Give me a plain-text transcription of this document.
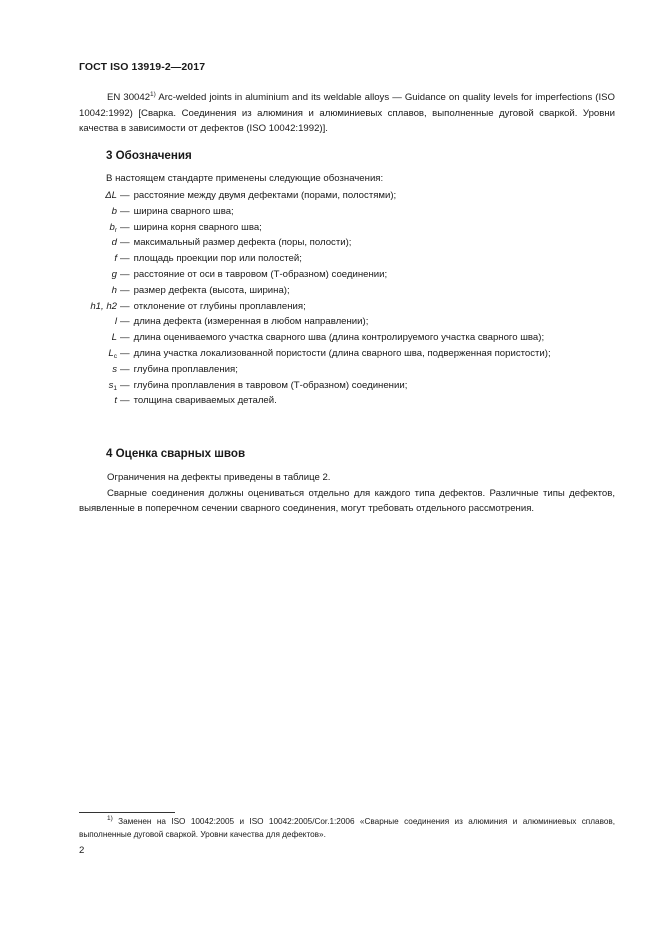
ГОСТ ISO 13919-2—2017
EN 30042$^{1)}$ Arc-welded joints in aluminium and its weldable alloys — Guidance on quality levels for imperfections (ISO 10042:1992) [Сварка. Соединения из алюминия и алюминиевых сплавов, выполненные дуговой сваркой. Уровни качества в зависимости от дефектов (ISO 10042:1992)].
3 Обозначения
В настоящем стандарте применены следующие обозначения:
ΔL — расстояние между двумя дефектами (порами, полостями);
b — ширина сварного шва;
$b_r$ — ширина корня сварного шва;
d — максимальный размер дефекта (поры, полости);
f — площадь проекции пор или полостей;
g — расстояние от оси в тавровом (Т-образном) соединении;
h — размер дефекта (высота, ширина);
h1, h2 — отклонение от глубины проплавления;
l — длина дефекта (измеренная в любом направлении);
L — длина оцениваемого участка сварного шва (длина контролируемого участка сварного шва);
$L_c$ — длина участка локализованной пористости (длина сварного шва, подверженная пористости);
s — глубина проплавления;
$s_1$ — глубина проплавления в тавровом (Т-образном) соединении;
t — толщина свариваемых деталей.
4 Оценка сварных швов

Ограничения на дефекты приведены в таблице 2.

Сварные соединения должны оцениваться отдельно для каждого типа дефектов. Различные типы дефектов, выявленные в поперечном сечении сварного соединения, могут требовать отдельного рассмотрения.

$^{1)}$ Заменен на ISO 10042:2005 и ISO 10042:2005/Cor.1:2006 «Сварные соединения из алюминия и алюминиевых сплавов, выполненные дуговой сваркой. Уровни качества для дефектов».
2
